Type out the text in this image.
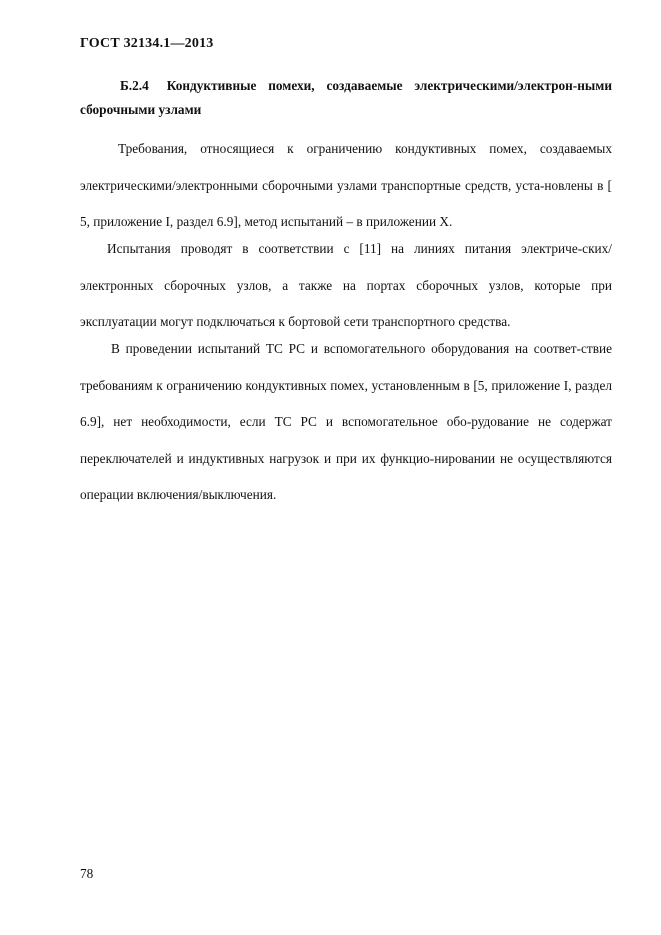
ГОСТ 32134.1—2013
Б.2.4 Кондуктивные помехи, создаваемые электрическими/электрон-ными сборочными узлами

Требования, относящиеся к ограничению кондуктивных помех, создаваемых электрическими/электронными сборочными узлами транспортные средств, уста-новлены в [ 5, приложение I, раздел 6.9], метод испытаний – в приложении Х.

Испытания проводят в соответствии с [11] на линиях питания электриче-ских/электронных сборочных узлов, а также на портах сборочных узлов, которые при эксплуатации могут подключаться к бортовой сети транспортного средства.

В проведении испытаний ТС РС и вспомогательного оборудования на соответ-ствие требованиям к ограничению кондуктивных помех, установленным в [5, приложение I, раздел 6.9], нет необходимости, если ТС РС и вспомогательное обо-рудование не содержат переключателей и индуктивных нагрузок и при их функцио-нировании не осуществляются операции включения/выключения.

78
